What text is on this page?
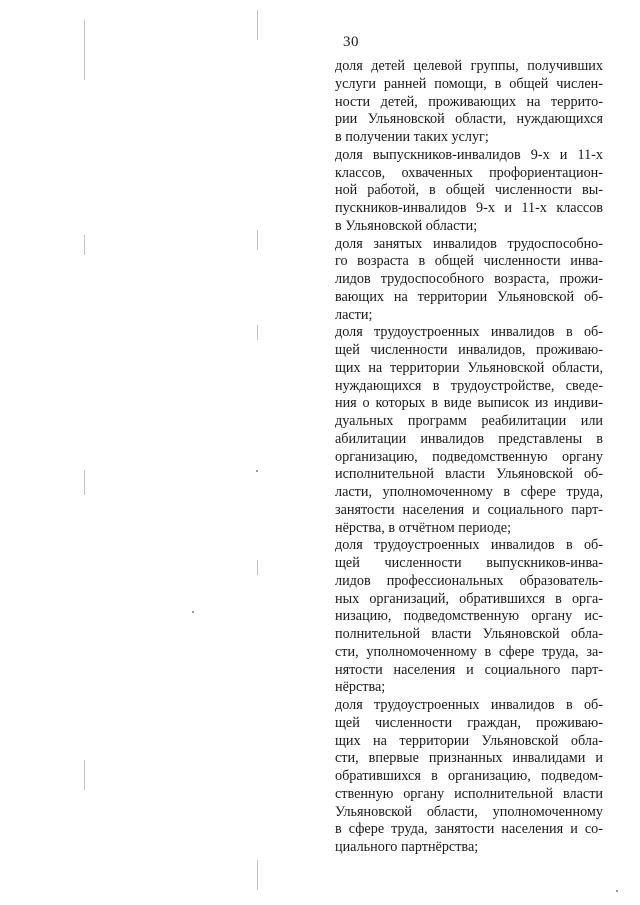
30
доля детей целевой группы, получивших
услуги ранней помощи, в общей числен-
ности детей, проживающих на террито-
рии Ульяновской области, нуждающихся
в получении таких услуг;
доля выпускников-инвалидов 9-х и 11-х
классов, охваченных профориентацион-
ной работой, в общей численности вы-
пускников-инвалидов 9-х и 11-х классов
в Ульяновской области;
доля занятых инвалидов трудоспособно-
го возраста в общей численности инва-
лидов трудоспособного возраста, прожи-
вающих на территории Ульяновской об-
ласти;
доля трудоустроенных инвалидов в об-
щей численности инвалидов, проживаю-
щих на территории Ульяновской области,
нуждающихся в трудоустройстве, сведе-
ния о которых в виде выписок из индиви-
дуальных программ реабилитации или
абилитации инвалидов представлены в
организацию, подведомственную органу
исполнительной власти Ульяновской об-
ласти, уполномоченному в сфере труда,
занятости населения и социального парт-
нёрства, в отчётном периоде;
доля трудоустроенных инвалидов в об-
щей численности выпускников-инва-
лидов профессиональных образователь-
ных организаций, обратившихся в орга-
низацию, подведомственную органу ис-
полнительной власти Ульяновской обла-
сти, уполномоченному в сфере труда, за-
нятости населения и социального парт-
нёрства;
доля трудоустроенных инвалидов в об-
щей численности граждан, проживаю-
щих на территории Ульяновской обла-
сти, впервые признанных инвалидами и
обратившихся в организацию, подведом-
ственную органу исполнительной власти
Ульяновской области, уполномоченному
в сфере труда, занятости населения и со-
циального партнёрства;
